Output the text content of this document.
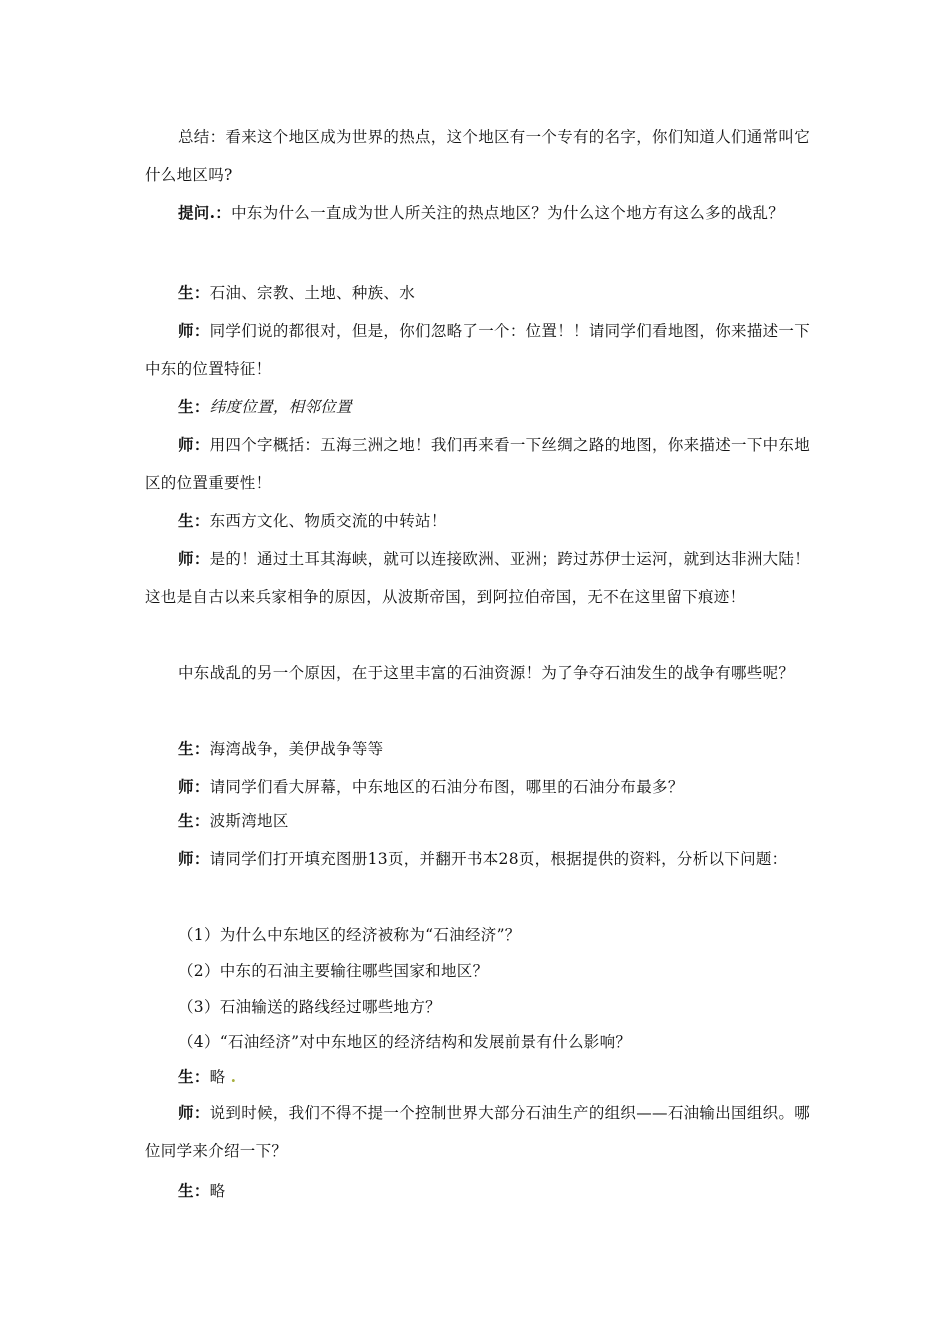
总结：看来这个地区成为世界的热点，这个地区有一个专有的名字，你们知道人们通常叫它什么地区吗?

提问.：中东为什么一直成为世人所关注的热点地区？为什么这个地方有这么多的战乱？

生：石油、宗教、土地、种族、水

师：同学们说的都很对，但是，你们忽略了一个：位置！！请同学们看地图，你来描述一下中东的位置特征！

生：纬度位置，相邻位置

师：用四个字概括：五海三洲之地！我们再来看一下丝绸之路的地图，你来描述一下中东地区的位置重要性！

生：东西方文化、物质交流的中转站！

师：是的！通过土耳其海峡，就可以连接欧洲、亚洲；跨过苏伊士运河，就到达非洲大陆！ 这也是自古以来兵家相争的原因，从波斯帝国，到阿拉伯帝国，无不在这里留下痕迹！

中东战乱的另一个原因，在于这里丰富的石油资源！为了争夺石油发生的战争有哪些呢？

生：海湾战争，美伊战争等等

师：请同学们看大屏幕，中东地区的石油分布图，哪里的石油分布最多？

生：波斯湾地区

师：请同学们打开填充图册13页，并翻开书本28页，根据提供的资料，分析以下问题：

（1）为什么中东地区的经济被称为“石油经济”？

（2）中东的石油主要输往哪些国家和地区？

（3）石油输送的路线经过哪些地方？

（4）“石油经济”对中东地区的经济结构和发展前景有什么影响？

生：略 .

师：说到时候，我们不得不提一个控制世界大部分石油生产的组织——石油输出国组织。哪位同学来介绍一下？

生：略
